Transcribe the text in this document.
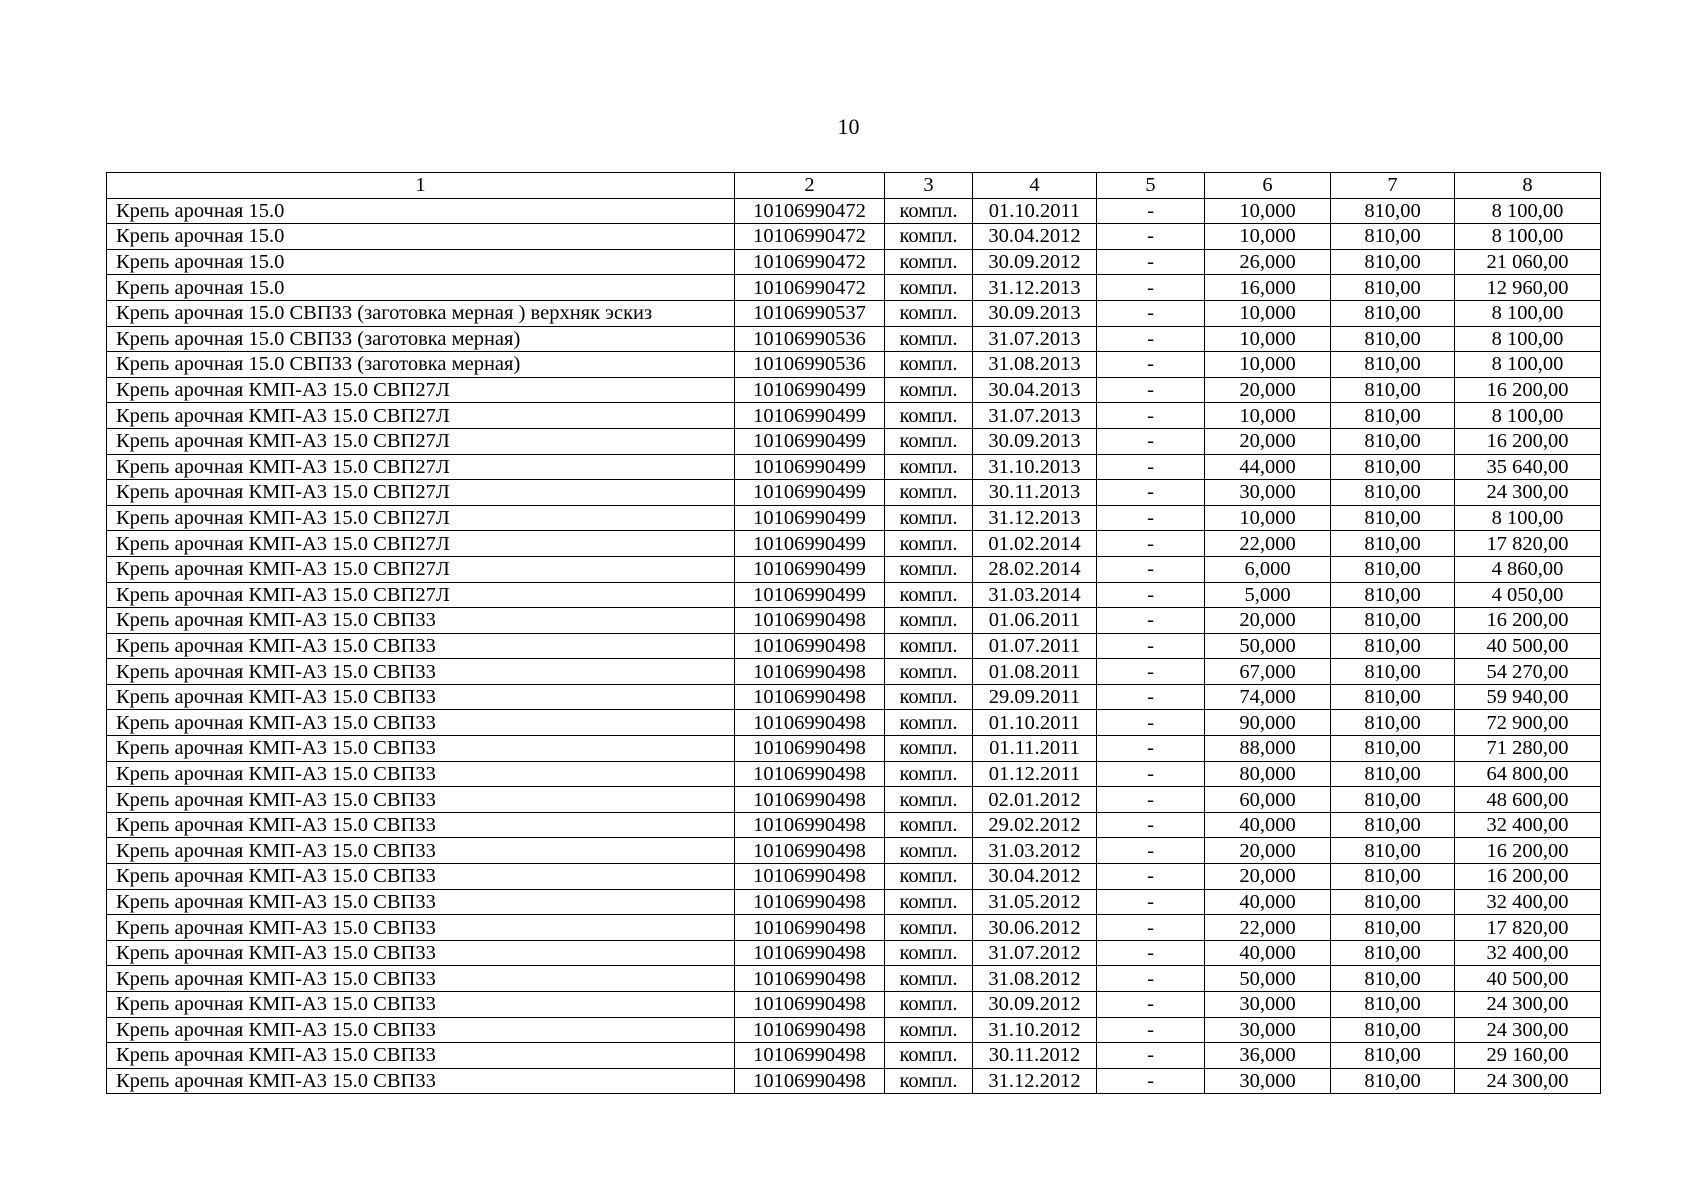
10
1	2	3	4	5	6	7	8
Крепь арочная 15.0	10106990472	компл.	01.10.2011	-	10,000	810,00	8 100,00
Крепь арочная 15.0	10106990472	компл.	30.04.2012	-	10,000	810,00	8 100,00
Крепь арочная 15.0	10106990472	компл.	30.09.2012	-	26,000	810,00	21 060,00
Крепь арочная 15.0	10106990472	компл.	31.12.2013	-	16,000	810,00	12 960,00
Крепь арочная 15.0 СВП33 (заготовка мерная ) верхняк эскиз	10106990537	компл.	30.09.2013	-	10,000	810,00	8 100,00
Крепь арочная 15.0 СВП33 (заготовка мерная)	10106990536	компл.	31.07.2013	-	10,000	810,00	8 100,00
Крепь арочная 15.0 СВП33 (заготовка мерная)	10106990536	компл.	31.08.2013	-	10,000	810,00	8 100,00
Крепь арочная КМП-А3 15.0 СВП27Л	10106990499	компл.	30.04.2013	-	20,000	810,00	16 200,00
Крепь арочная КМП-А3 15.0 СВП27Л	10106990499	компл.	31.07.2013	-	10,000	810,00	8 100,00
Крепь арочная КМП-А3 15.0 СВП27Л	10106990499	компл.	30.09.2013	-	20,000	810,00	16 200,00
Крепь арочная КМП-А3 15.0 СВП27Л	10106990499	компл.	31.10.2013	-	44,000	810,00	35 640,00
Крепь арочная КМП-А3 15.0 СВП27Л	10106990499	компл.	30.11.2013	-	30,000	810,00	24 300,00
Крепь арочная КМП-А3 15.0 СВП27Л	10106990499	компл.	31.12.2013	-	10,000	810,00	8 100,00
Крепь арочная КМП-А3 15.0 СВП27Л	10106990499	компл.	01.02.2014	-	22,000	810,00	17 820,00
Крепь арочная КМП-А3 15.0 СВП27Л	10106990499	компл.	28.02.2014	-	6,000	810,00	4 860,00
Крепь арочная КМП-А3 15.0 СВП27Л	10106990499	компл.	31.03.2014	-	5,000	810,00	4 050,00
Крепь арочная КМП-А3 15.0 СВП33	10106990498	компл.	01.06.2011	-	20,000	810,00	16 200,00
Крепь арочная КМП-А3 15.0 СВП33	10106990498	компл.	01.07.2011	-	50,000	810,00	40 500,00
Крепь арочная КМП-А3 15.0 СВП33	10106990498	компл.	01.08.2011	-	67,000	810,00	54 270,00
Крепь арочная КМП-А3 15.0 СВП33	10106990498	компл.	29.09.2011	-	74,000	810,00	59 940,00
Крепь арочная КМП-А3 15.0 СВП33	10106990498	компл.	01.10.2011	-	90,000	810,00	72 900,00
Крепь арочная КМП-А3 15.0 СВП33	10106990498	компл.	01.11.2011	-	88,000	810,00	71 280,00
Крепь арочная КМП-А3 15.0 СВП33	10106990498	компл.	01.12.2011	-	80,000	810,00	64 800,00
Крепь арочная КМП-А3 15.0 СВП33	10106990498	компл.	02.01.2012	-	60,000	810,00	48 600,00
Крепь арочная КМП-А3 15.0 СВП33	10106990498	компл.	29.02.2012	-	40,000	810,00	32 400,00
Крепь арочная КМП-А3 15.0 СВП33	10106990498	компл.	31.03.2012	-	20,000	810,00	16 200,00
Крепь арочная КМП-А3 15.0 СВП33	10106990498	компл.	30.04.2012	-	20,000	810,00	16 200,00
Крепь арочная КМП-А3 15.0 СВП33	10106990498	компл.	31.05.2012	-	40,000	810,00	32 400,00
Крепь арочная КМП-А3 15.0 СВП33	10106990498	компл.	30.06.2012	-	22,000	810,00	17 820,00
Крепь арочная КМП-А3 15.0 СВП33	10106990498	компл.	31.07.2012	-	40,000	810,00	32 400,00
Крепь арочная КМП-А3 15.0 СВП33	10106990498	компл.	31.08.2012	-	50,000	810,00	40 500,00
Крепь арочная КМП-А3 15.0 СВП33	10106990498	компл.	30.09.2012	-	30,000	810,00	24 300,00
Крепь арочная КМП-А3 15.0 СВП33	10106990498	компл.	31.10.2012	-	30,000	810,00	24 300,00
Крепь арочная КМП-А3 15.0 СВП33	10106990498	компл.	30.11.2012	-	36,000	810,00	29 160,00
Крепь арочная КМП-А3 15.0 СВП33	10106990498	компл.	31.12.2012	-	30,000	810,00	24 300,00
